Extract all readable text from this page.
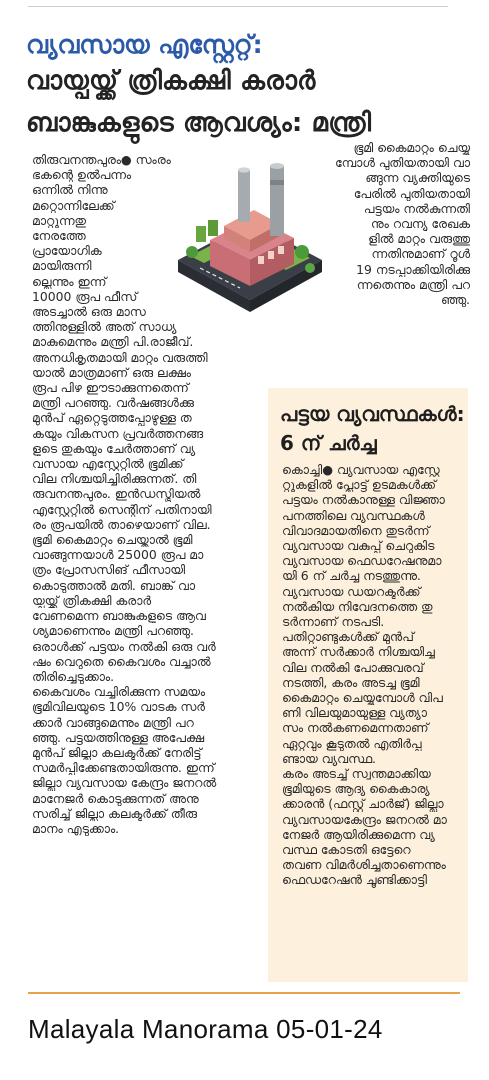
വ്യവസായ എസ്റ്റേറ്റ്:
വായ്പയ്ക്ക് ത്രികക്ഷി കരാർ
ബാങ്കുകളുടെ ആവശ്യം: മന്ത്രി
തിരുവനന്തപുരം● സംരം
ഭകന്റെ ഉൽപന്നം
ഒന്നിൽ നിന്നു
മറ്റൊന്നിലേക്ക്
മാറ്റുന്നതു
നേരത്തേ
പ്രായോഗിക
മായിരുന്നി
ല്ലെന്നും ഇന്ന്
10000 രൂപ ഫീസ്
അടച്ചാൽ ഒരു മാസ
ത്തിനുള്ളിൽ അത് സാധ്യ
മാകുമെന്നും മന്ത്രി പി.രാജീവ്.
അനധികൃതമായി മാറ്റം വരുത്തി
യാൽ മാത്രമാണ് ഒരു ലക്ഷം
രൂപ പിഴ ഈടാക്കുന്നതെന്ന്
മന്ത്രി പറഞ്ഞു. വർഷങ്ങൾക്കു
മുൻപ് ഏറ്റെടുത്തപ്പോഴുള്ള ത
കയും വികസന പ്രവർത്തനങ്ങ
ളുടെ തുകയും ചേർത്താണ് വ്യ
വസായ എസ്റ്റേറ്റിൽ ഭൂമിക്ക്
വില നിശ്ചയിച്ചിരിക്കുന്നത്. തി
രുവനന്തപുരം. ഇൻഡസ്ട്രിയൽ
എസ്റ്റേറ്റിൽ സെന്റിന് പതിനായി
രം രൂപയിൽ താഴെയാണ് വില.
ഭൂമി കൈമാറ്റം ചെയ്താൽ ഭൂമി
വാങ്ങുന്നയാൾ 25000 രൂപ മാ
ത്രം പ്രോസസിങ് ഫീസായി
കൊടുത്താൽ മതി. ബാങ്ക് വാ
യ്പയ്ക്ക് ത്രികക്ഷി കരാർ
വേണമെന്ന ബാങ്കുകളുടെ ആവ
ശ്യമാണെന്നും മന്ത്രി പറഞ്ഞു.
ഒരാൾക്ക് പട്ടയം നൽകി ഒരു വർ
ഷം വെറുതെ കൈവശം വച്ചാൽ
തിരിച്ചെടുക്കാം.
കൈവശം വച്ചിരിക്കുന്ന സമയം
ഭൂമിവിലയുടെ 10% വാടക സർ
ക്കാർ വാങ്ങുമെന്നും മന്ത്രി പറ
ഞ്ഞു. പട്ടയത്തിനുള്ള അപേക്ഷ
മുൻപ് ജില്ലാ കലക്ടർക്ക് നേരിട്ട്
സമർപ്പിക്കേണ്ടതായിരുന്നു. ഇന്ന്
ജില്ലാ വ്യവസായ കേന്ദ്രം ജനറൽ
മാനേജർ കൊടുക്കുന്നത് അനു
സരിച്ച് ജില്ലാ കലക്ടർക്ക് തീരു
മാനം എടുക്കാം.
ഭൂമി കൈമാറ്റം ചെയ്യു
മ്പോൾ പുതിയതായി വാ
ങ്ങുന്ന വ്യക്തിയുടെ
പേരിൽ പുതിയതായി
പട്ടയം നൽകുന്നതി
നും റവന്യു രേഖക
ളിൽ മാറ്റം വരുത്തു
ന്നതിനുമാണ് റൂൾ
19 നടപ്പാക്കിയിരിക്കു
ന്നതെന്നും മന്ത്രി പറ
ഞ്ഞു.
പട്ടയ വ്യവസ്ഥകൾ:
6 ന് ചർച്ച
കൊച്ചി● വ്യവസായ എസ്റ്റേ
റ്റുകളിൽ പ്ലോട്ട് ഉടമകൾക്ക്
പട്ടയം നൽകാനുള്ള വിജ്ഞാ
പനത്തിലെ വ്യവസ്ഥകൾ
വിവാദമായതിനെ തുടർന്ന്
വ്യവസായ വകുപ്പ് ചെറുകിട
വ്യവസായ ഫെഡറേഷനുമാ
യി 6 ന് ചർച്ച നടത്തുന്നു.
വ്യവസായ ഡയറക്ടർക്ക്
നൽകിയ നിവേദനത്തെ തു
ടർന്നാണ് നടപടി.
പതിറ്റാണ്ടുകൾക്ക് മുൻപ്
അന്ന് സർക്കാർ നിശ്ചയിച്ച
വില നൽകി പോക്കുവരവ്
നടത്തി, കരം അടച്ച ഭൂമി
കൈമാറ്റം ചെയ്യുമ്പോൾ വിപ
ണി വിലയുമായുള്ള വ്യത്യാ
സം നൽകണമെന്നതാണ്
ഏറ്റവും കൂടുതൽ എതിർപ്പു
ണ്ടായ വ്യവസ്ഥ.
കരം അടച്ച് സ്വന്തമാക്കിയ
ഭൂമിയുടെ ആദ്യ കൈകാര്യ
ക്കാരൻ (ഫസ്റ്റ് ചാർജ്) ജില്ലാ
വ്യവസായകേന്ദ്രം ജനറൽ മാ
നേജർ ആയിരിക്കുമെന്ന വ്യ
വസ്ഥ കോടതി ഒട്ടേറെ
തവണ വിമർശിച്ചതാണെന്നും
ഫെഡറേഷൻ ചൂണ്ടിക്കാട്ടി
Malayala Manorama 05-01-24
